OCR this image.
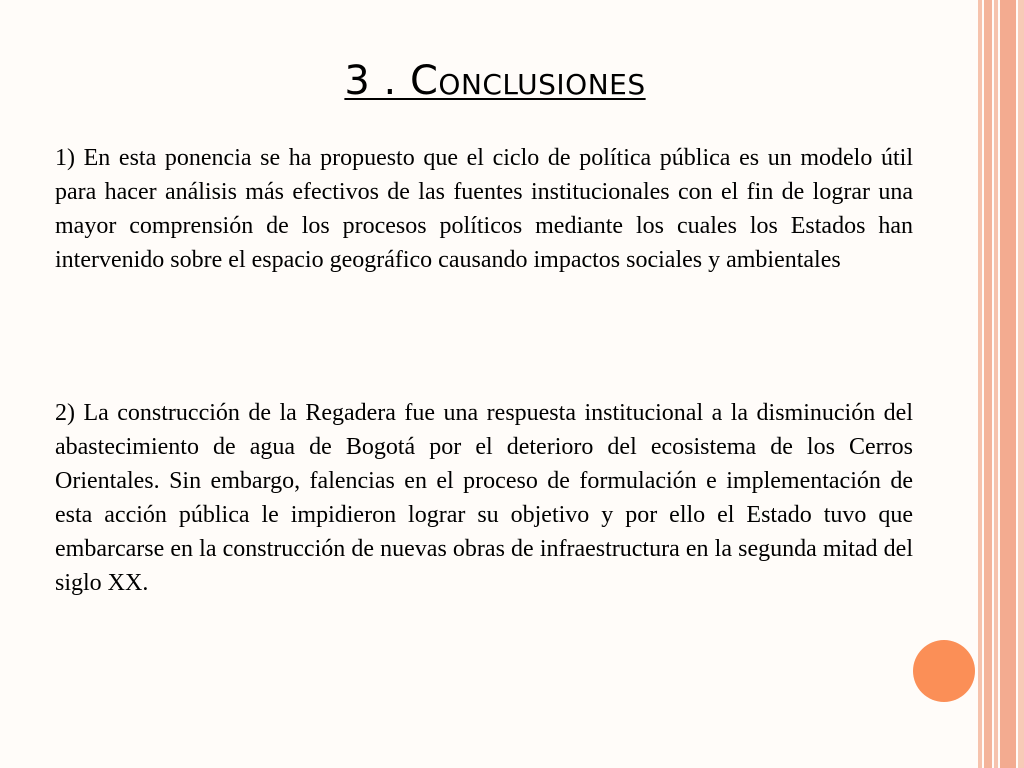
3 . Conclusiones

1) En esta ponencia se ha propuesto que el ciclo de política pública es un modelo útil para hacer análisis más efectivos de las fuentes institucionales con el fin de lograr una mayor comprensión de los procesos políticos mediante los cuales los Estados han intervenido sobre el espacio geográfico causando impactos sociales y ambientales

2) La construcción de la Regadera fue una respuesta institucional a la disminución del abastecimiento de agua de Bogotá por el deterioro del ecosistema de los Cerros Orientales. Sin embargo, falencias en el proceso de formulación e implementación de esta acción pública le impidieron lograr su objetivo y por ello el Estado tuvo que embarcarse en la construcción de nuevas obras de infraestructura en la segunda mitad del siglo XX.
